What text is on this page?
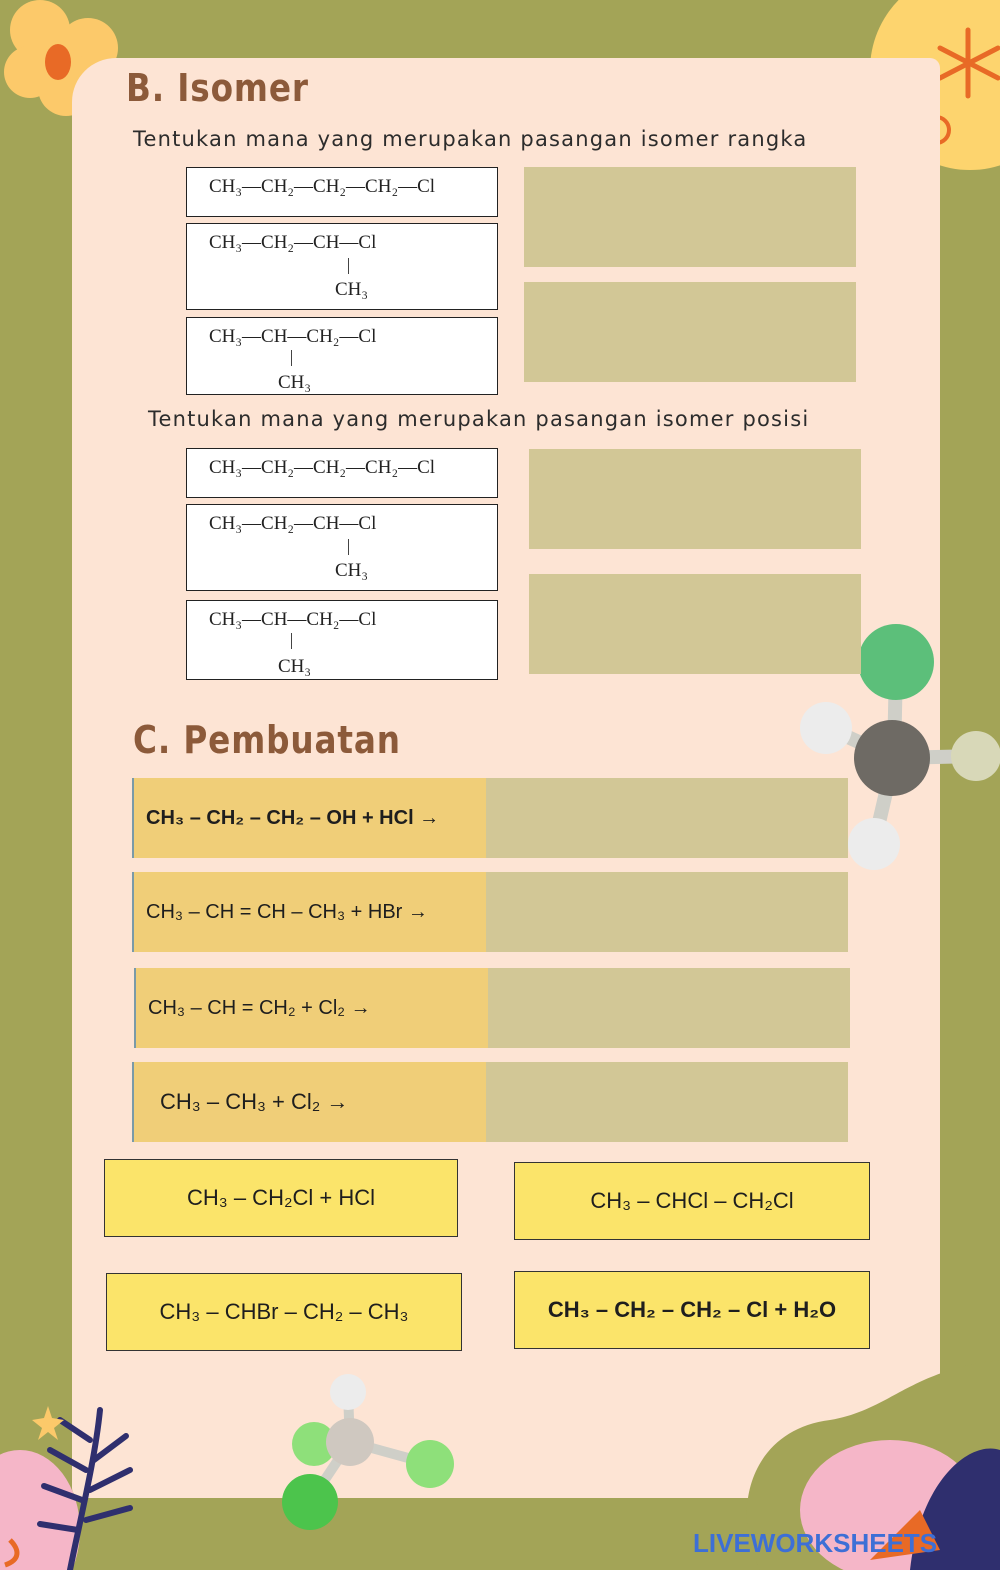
B. Isomer
Tentukan mana yang merupakan pasangan isomer rangka
CH₃—CH₂—CH₂—CH₂—Cl
CH₃—CH₂—CH—Cl
CH₃
CH₃—CH—CH₂—Cl
CH₃
Tentukan mana yang merupakan pasangan isomer posisi
CH₃—CH₂—CH₂—CH₂—Cl
CH₃—CH₂—CH—Cl
CH₃
CH₃—CH—CH₂—Cl
CH₃
C. Pembuatan
CH₃ – CH₂ – CH₂ – OH + HCl →
CH₃ – CH = CH – CH₃ + HBr →
CH₃ – CH = CH₂ + Cl₂ →
CH₃ – CH₃ + Cl₂ →
CH₃ – CH₂Cl + HCl	CH₃ – CHCl – CH₂Cl
CH₃ – CHBr – CH₂ – CH₃	CH₃ – CH₂ – CH₂ – Cl + H₂O
LIVEWORKSHEETS
